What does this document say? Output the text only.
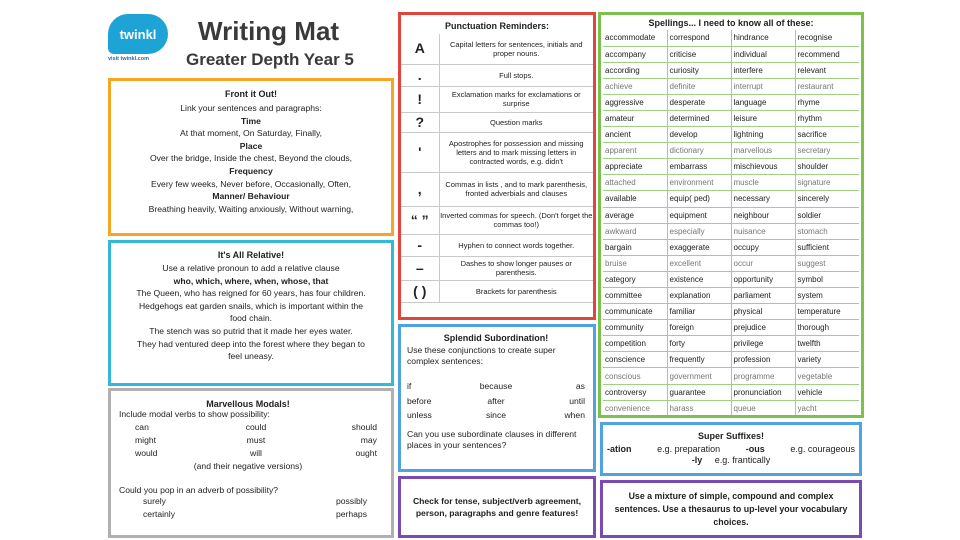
twinkl
visit twinkl.com
Writing Mat
Greater Depth Year 5
Front it Out!
Link your sentences and paragraphs:
Time
At that moment, On Saturday, Finally,
Place
Over the bridge, Inside the chest, Beyond the clouds,
Frequency
Every few weeks, Never before, Occasionally, Often,
Manner/ Behaviour
Breathing heavily, Waiting anxiously, Without warning,
It's All Relative!
Use a relative pronoun to add a relative clause
who, which, where, when, whose, that
The Queen, who has reigned for 60 years, has four children.
Hedgehogs eat garden snails, which is important within the
food chain.
The stench was so putrid that it made her eyes water.
They had ventured deep into the forest where they began to
feel uneasy.
Marvellous Modals!
Include modal verbs to show possibility:
can	could	should
might	must	may
would	will	ought
(and their negative versions)
Could you pop in an adverb of possibility?
surely	possibly
certainly	perhaps
Punctuation Reminders:
A	Capital letters for sentences, initials and proper nouns.
.	Full stops.
!	Exclamation marks for exclamations or surprise
?	Question marks
'	Apostrophes for possession and missing letters and to mark missing letters in contracted words, e.g. didn't
,	Commas in lists , and to mark parenthesis, fronted adverbials and clauses
“ ”	Inverted commas for speech. (Don't forget the commas too!)
-	Hyphen to connect words together.
–	Dashes to show longer pauses or parenthesis.
( )	Brackets for parenthesis
Splendid Subordination!
Use these conjunctions to create super complex sentences:
if	because	as
before	after	until
unless	since	when
Can you use subordinate clauses in different places in your sentences?
Check for tense, subject/verb agreement, person, paragraphs and genre features!
Spellings... I need to know all of these:
accommodate	correspond	hindrance	recognise
accompany	criticise	individual	recommend
according	curiosity	interfere	relevant
achieve	definite	interrupt	restaurant
aggressive	desperate	language	rhyme
amateur	determined	leisure	rhythm
ancient	develop	lightning	sacrifice
apparent	dictionary	marvellous	secretary
appreciate	embarrass	mischievous	shoulder
attached	environment	muscle	signature
available	equip( ped)	necessary	sincerely
average	equipment	neighbour	soldier
awkward	especially	nuisance	stomach
bargain	exaggerate	occupy	sufficient
bruise	excellent	occur	suggest
category	existence	opportunity	symbol
committee	explanation	parliament	system
communicate	familiar	physical	temperature
community	foreign	prejudice	thorough
competition	forty	privilege	twelfth
conscience	frequently	profession	variety
conscious	government	programme	vegetable
controversy	guarantee	pronunciation	vehicle
convenience	harass	queue	yacht
Super Suffixes!
-ation	e.g. preparation	-ous	e.g. courageous
-ly e.g. frantically
Use a mixture of simple, compound and complex sentences. Use a thesaurus to up-level your vocabulary choices.
